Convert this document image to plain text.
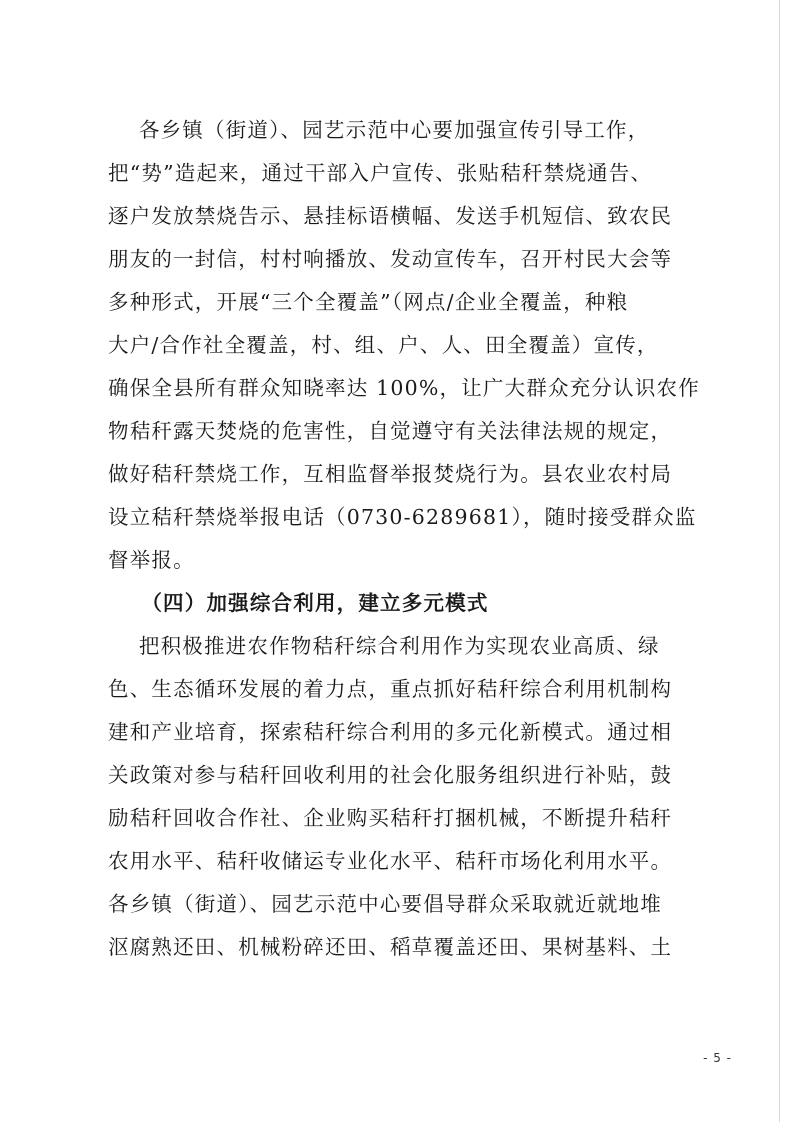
各乡镇（街道）、园艺示范中心要加强宣传引导工作，
把“势”造起来，通过干部入户宣传、张贴秸秆禁烧通告、
逐户发放禁烧告示、悬挂标语横幅、发送手机短信、致农民
朋友的一封信，村村响播放、发动宣传车，召开村民大会等
多种形式，开展“三个全覆盖”（网点/企业全覆盖，种粮
大户/合作社全覆盖，村、组、户、人、田全覆盖）宣传，
确保全县所有群众知晓率达 100%，让广大群众充分认识农作
物秸秆露天焚烧的危害性，自觉遵守有关法律法规的规定，
做好秸秆禁烧工作，互相监督举报焚烧行为。县农业农村局
设立秸秆禁烧举报电话（0730-6289681），随时接受群众监
督举报。
（四）加强综合利用，建立多元模式
把积极推进农作物秸秆综合利用作为实现农业高质、绿
色、生态循环发展的着力点，重点抓好秸秆综合利用机制构
建和产业培育，探索秸秆综合利用的多元化新模式。通过相
关政策对参与秸秆回收利用的社会化服务组织进行补贴，鼓
励秸秆回收合作社、企业购买秸秆打捆机械，不断提升秸秆
农用水平、秸秆收储运专业化水平、秸秆市场化利用水平。
各乡镇（街道）、园艺示范中心要倡导群众采取就近就地堆
沤腐熟还田、机械粉碎还田、稻草覆盖还田、果树基料、土
- 5 -
